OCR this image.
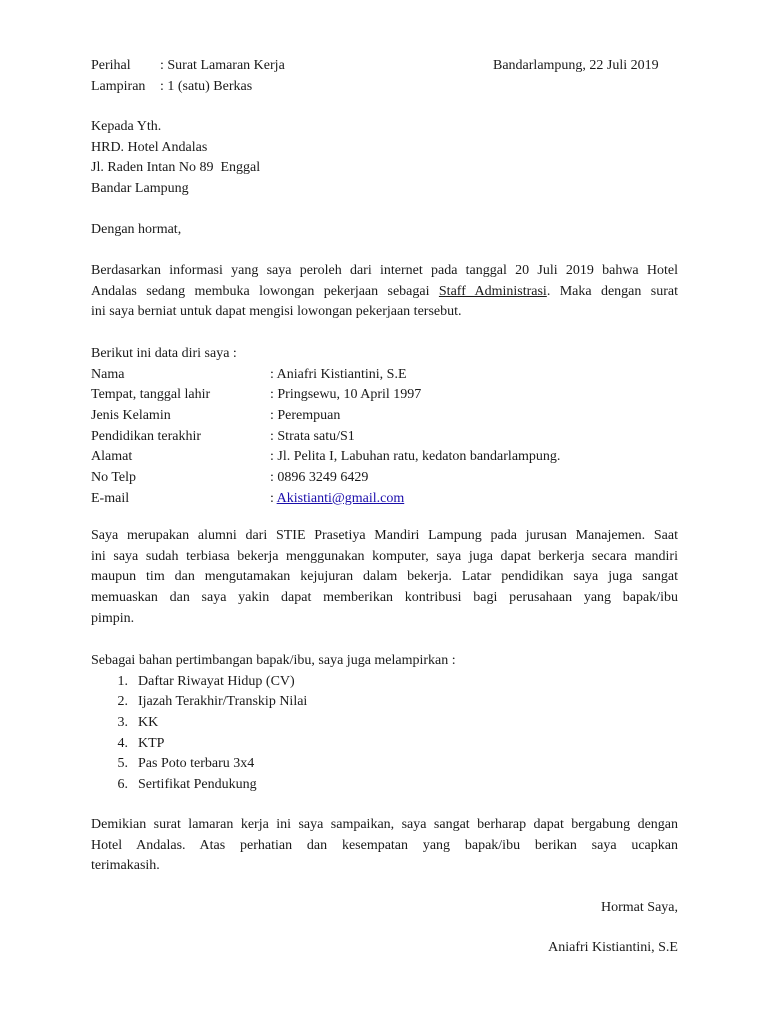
Perihal : Surat Lamaran Kerja
Lampiran : 1 (satu) Berkas
Bandarlampung, 22 Juli 2019
Kepada Yth.
HRD. Hotel Andalas
Jl. Raden Intan No 89  Enggal
Bandar Lampung
Dengan hormat,
Berdasarkan informasi yang saya peroleh dari internet pada tanggal 20 Juli 2019 bahwa Hotel
Andalas sedang membuka lowongan pekerjaan sebagai Staff Administrasi. Maka dengan surat
ini saya berniat untuk dapat mengisi lowongan pekerjaan tersebut.
Berikut ini data diri saya :
Nama	: Aniafri Kistiantini, S.E
Tempat, tanggal lahir	: Pringsewu, 10 April 1997
Jenis Kelamin	: Perempuan
Pendidikan terakhir	: Strata satu/S1
Alamat	: Jl. Pelita I, Labuhan ratu, kedaton bandarlampung.
No Telp	: 0896 3249 6429
E-mail	: Akistianti@gmail.com
Saya merupakan alumni dari STIE Prasetiya Mandiri Lampung pada jurusan Manajemen. Saat
ini saya sudah terbiasa bekerja menggunakan komputer, saya juga dapat berkerja secara mandiri
maupun tim dan mengutamakan kejujuran dalam bekerja. Latar pendidikan saya juga sangat
memuaskan dan saya yakin dapat memberikan kontribusi bagi perusahaan yang bapak/ibu
pimpin.
Sebagai bahan pertimbangan bapak/ibu, saya juga melampirkan :
1. Daftar Riwayat Hidup (CV)
2. Ijazah Terakhir/Transkip Nilai
3. KK
4. KTP
5. Pas Poto terbaru 3x4
6. Sertifikat Pendukung
Demikian surat lamaran kerja ini saya sampaikan, saya sangat berharap dapat bergabung dengan
Hotel Andalas. Atas perhatian dan kesempatan yang bapak/ibu berikan saya ucapkan
terimakasih.
Hormat Saya,
Aniafri Kistiantini, S.E
